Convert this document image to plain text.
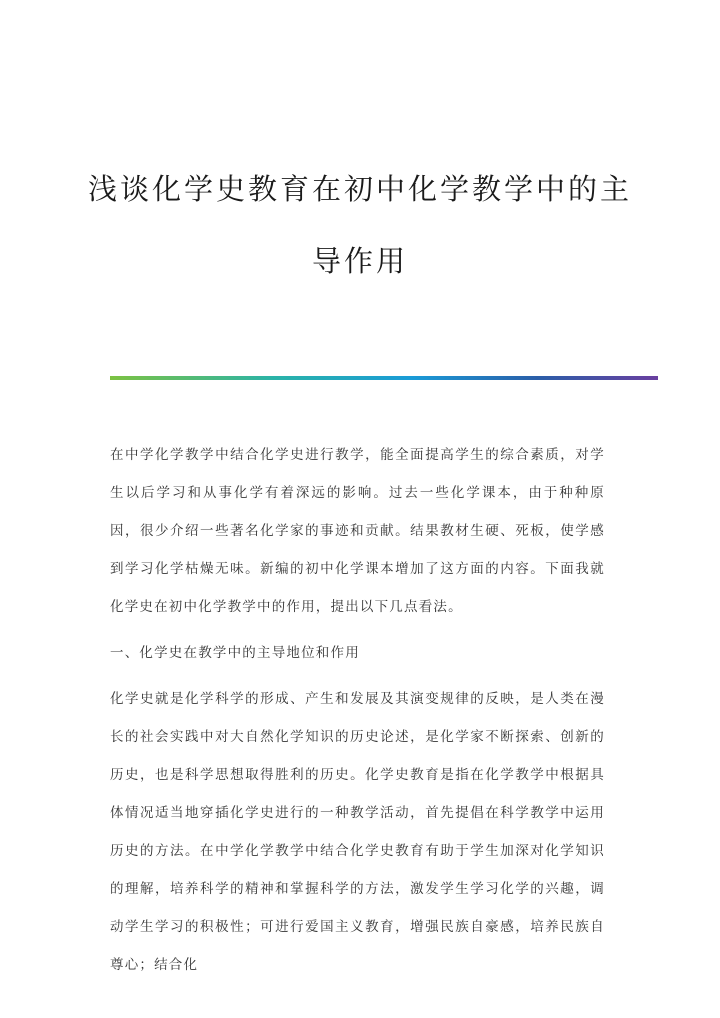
浅谈化学史教育在初中化学教学中的主
导作用

在中学化学教学中结合化学史进行教学，能全面提高学生的综合素质，对学生以后学习和从事化学有着深远的影响。过去一些化学课本，由于种种原因，很少介绍一些著名化学家的事迹和贡献。结果教材生硬、死板，使学感到学习化学枯燥无味。新编的初中化学课本增加了这方面的内容。下面我就化学史在初中化学教学中的作用，提出以下几点看法。

一、化学史在教学中的主导地位和作用

化学史就是化学科学的形成、产生和发展及其演变规律的反映，是人类在漫长的社会实践中对大自然化学知识的历史论述，是化学家不断探索、创新的历史，也是科学思想取得胜利的历史。化学史教育是指在化学教学中根据具体情况适当地穿插化学史进行的一种教学活动，首先提倡在科学教学中运用历史的方法。在中学化学教学中结合化学史教育有助于学生加深对化学知识的理解，培养科学的精神和掌握科学的方法，激发学生学习化学的兴趣，调动学生学习的积极性；可进行爱国主义教育，增强民族自豪感，培养民族自尊心；结合化
